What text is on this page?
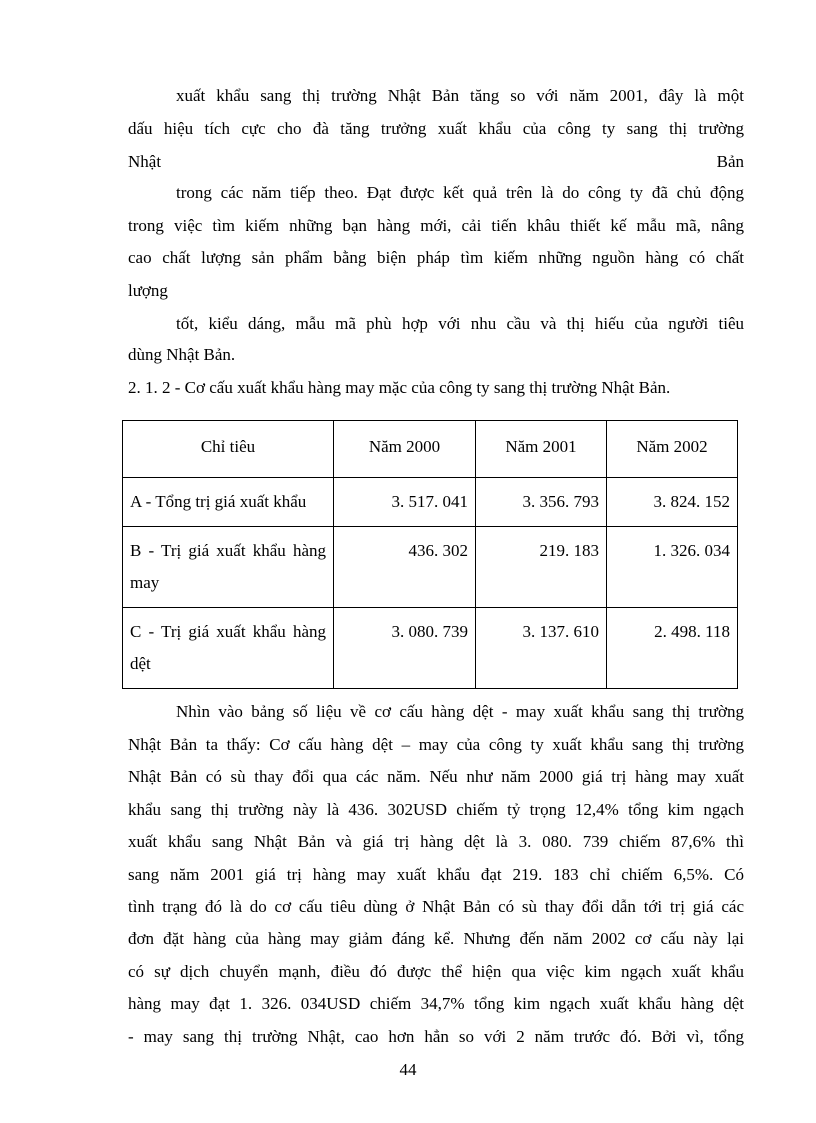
xuất khẩu sang thị trường Nhật Bản tăng so với năm 2001, đây là một
dấu hiệu tích cực cho đà tăng trưởng xuất khẩu của công ty sang thị trường
Nhật	Bản
trong các năm tiếp theo. Đạt được kết quả trên là do công ty đã chủ động
trong việc tìm kiếm những bạn hàng mới, cải tiến khâu thiết kế mẫu mã, nâng
cao chất lượng sản phẩm bằng biện pháp tìm kiếm những nguồn hàng có chất
lượng
tốt, kiểu dáng, mẫu mã phù hợp với nhu cầu và thị hiếu của người tiêu
dùng Nhật Bản.
2. 1. 2 - Cơ cấu xuất khẩu hàng may mặc của công ty sang thị trường Nhật Bản.
Chỉ tiêu	Năm 2000	Năm 2001	Năm 2002
A - Tổng trị giá xuất khẩu	3. 517. 041	3. 356. 793	3. 824. 152
B - Trị giá xuất khẩu hàng may	436. 302	219. 183	1. 326. 034
C - Trị giá xuất khẩu hàng dệt	3. 080. 739	3. 137. 610	2. 498. 118
Nhìn vào bảng số liệu về cơ cấu hàng dệt - may xuất khẩu sang thị trường
Nhật Bản ta thấy: Cơ cấu hàng dệt – may của công ty xuất khẩu sang thị trường
Nhật Bản có sù thay đổi qua các năm. Nếu như năm 2000 giá trị hàng may xuất
khẩu sang thị trường này là 436. 302USD chiếm tỷ trọng 12,4% tổng kim ngạch
xuất khẩu sang Nhật Bản và giá trị hàng dệt là 3. 080. 739 chiếm 87,6% thì
sang năm 2001 giá trị hàng may xuất khẩu đạt 219. 183 chỉ chiếm 6,5%. Có
tình trạng đó là do cơ cấu tiêu dùng ở Nhật Bản có sù thay đổi dẫn tới trị giá các
đơn đặt hàng của hàng may giảm đáng kể. Nhưng đến năm 2002 cơ cấu này lại
có sự dịch chuyển mạnh, điều đó được thể hiện qua việc kim ngạch xuất khẩu
hàng may đạt 1. 326. 034USD chiếm 34,7% tổng kim ngạch xuất khẩu hàng dệt
- may sang thị trường Nhật, cao hơn hẳn so với 2 năm trước đó. Bởi vì, tổng
44
